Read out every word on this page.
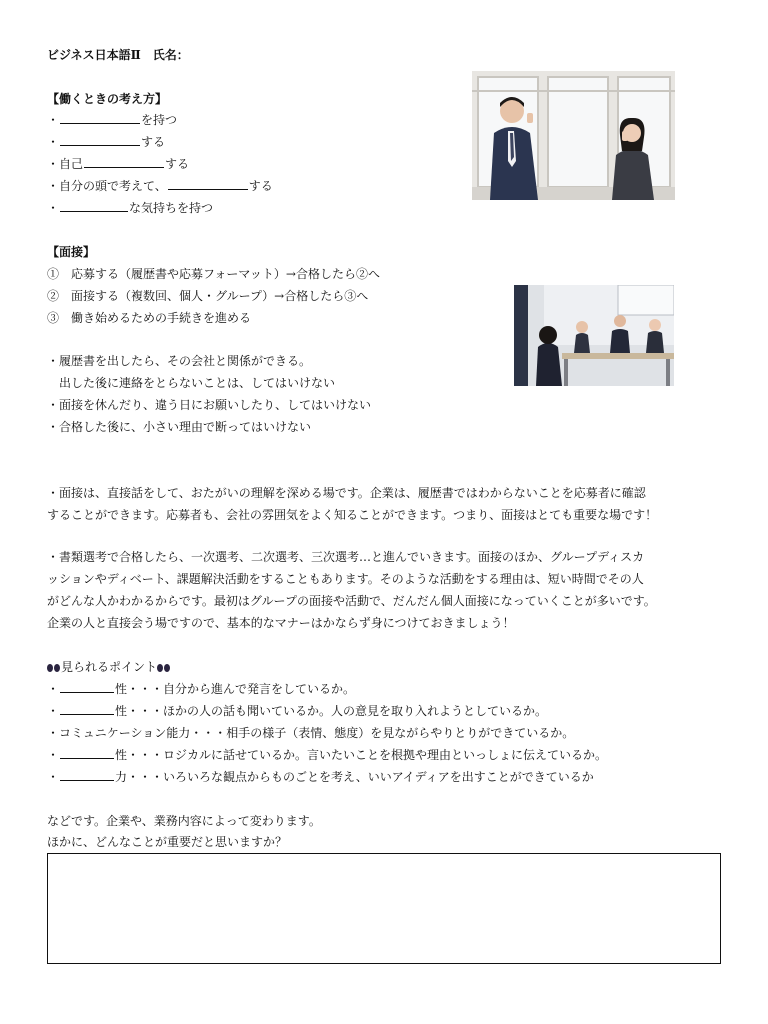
ビジネス日本語Ⅱ　氏名：
【働くときの考え方】
・	を持つ
・	する
・自己	する
・自分の頭で考えて、	する
・	な気持ちを持つ
【面接】
①　応募する（履歴書や応募フォーマット）→合格したら②へ
②　面接する（複数回、個人・グループ）→合格したら③へ
③　働き始めるための手続きを進める
・履歴書を出したら、その会社と関係ができる。
　出した後に連絡をとらないことは、してはいけない
・面接を休んだり、違う日にお願いしたり、してはいけない
・合格した後に、小さい理由で断ってはいけない
・面接は、直接話をして、おたがいの理解を深める場です。企業は、履歴書ではわからないことを応募者に確認
することができます。応募者も、会社の雰囲気をよく知ることができます。つまり、面接はとても重要な場です！
・書類選考で合格したら、一次選考、二次選考、三次選考…と進んでいきます。面接のほか、グループディスカ
ッションやディベート、課題解決活動をすることもあります。そのような活動をする理由は、短い時間でその人
がどんな人かわかるからです。最初はグループの面接や活動で、だんだん個人面接になっていくことが多いです。
企業の人と直接会う場ですので、基本的なマナーはかならず身につけておきましょう！
見られるポイント
・	性・・・自分から進んで発言をしているか。
・	性・・・ほかの人の話も聞いているか。人の意見を取り入れようとしているか。
・コミュニケーション能力・・・相手の様子（表情、態度）を見ながらやりとりができているか。
・	性・・・ロジカルに話せているか。言いたいことを根拠や理由といっしょに伝えているか。
・	力・・・いろいろな観点からものごとを考え、いいアイディアを出すことができているか
などです。企業や、業務内容によって変わります。
ほかに、どんなことが重要だと思いますか？
